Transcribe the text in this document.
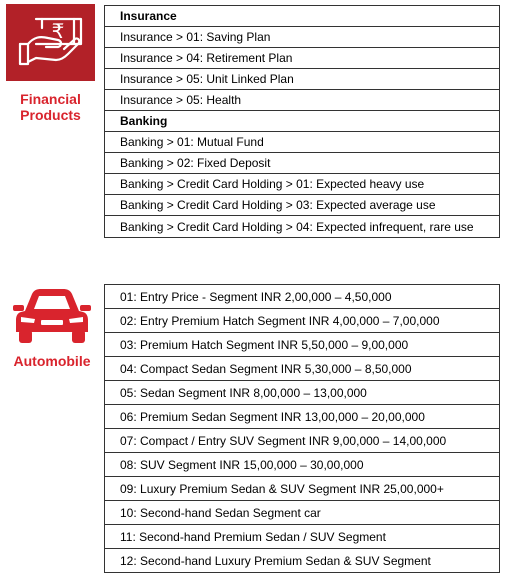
₹
Financial
Products
Insurance
Insurance > 01: Saving Plan
Insurance > 04: Retirement Plan
Insurance > 05: Unit Linked Plan
Insurance > 05: Health
Banking
Banking > 01: Mutual Fund
Banking > 02: Fixed Deposit
Banking > Credit Card Holding > 01: Expected heavy use
Banking > Credit Card Holding > 03: Expected average use
Banking > Credit Card Holding > 04: Expected infrequent, rare use
Automobile
01: Entry Price - Segment INR 2,00,000 – 4,50,000
02: Entry Premium Hatch Segment INR 4,00,000 – 7,00,000
03: Premium Hatch Segment INR 5,50,000 – 9,00,000
04: Compact Sedan Segment INR 5,30,000 – 8,50,000
05: Sedan Segment INR 8,00,000 – 13,00,000
06: Premium Sedan Segment INR 13,00,000 – 20,00,000
07: Compact / Entry SUV Segment INR 9,00,000 – 14,00,000
08: SUV Segment INR 15,00,000 – 30,00,000
09: Luxury Premium Sedan & SUV Segment INR 25,00,000+
10: Second-hand Sedan Segment car
11: Second-hand Premium Sedan / SUV Segment
12: Second-hand Luxury Premium Sedan & SUV Segment
